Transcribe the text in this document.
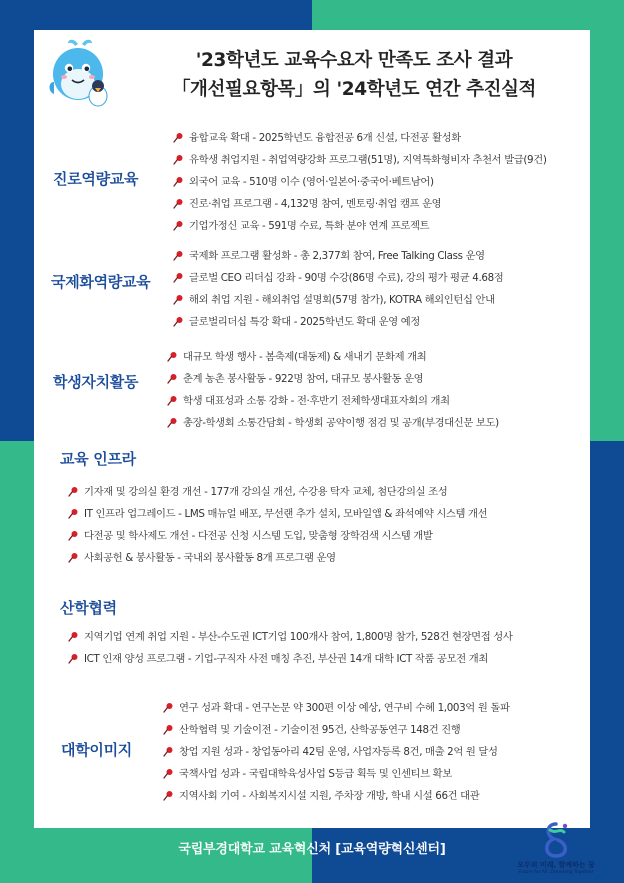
'23학년도 교육수요자 만족도 조사 결과
「개선필요항목」의 '24학년도 연간 추진실적
진로역량교육
융합교육 확대 - 2025학년도 융합전공 6개 신설, 다전공 활성화
유학생 취업지원 - 취업역량강화 프로그램(51명), 지역특화형비자 추천서 발급(9건)
외국어 교육 - 510명 이수 (영어·일본어·중국어·베트남어)
진로·취업 프로그램 - 4,132명 참여, 멘토링·취업 캠프 운영
기업가정신 교육 - 591명 수료, 특화 분야 연계 프로젝트
국제화역량교육
국제화 프로그램 활성화 - 총 2,377회 참여, Free Talking Class 운영
글로벌 CEO 리더십 강좌 - 90명 수강(86명 수료), 강의 평가 평균 4.68점
해외 취업 지원 - 해외취업 설명회(57명 참가), KOTRA 해외인턴십 안내
글로벌리더십 특강 확대 - 2025학년도 확대 운영 예정
학생자치활동
대규모 학생 행사 - 봄축제(대동제) & 새내기 문화제 개최
춘계 농촌 봉사활동 - 922명 참여, 대규모 봉사활동 운영
학생 대표성과 소통 강화 - 전·후반기 전체학생대표자회의 개최
총장-학생회 소통간담회 - 학생회 공약이행 점검 및 공개(부경대신문 보도)
교육 인프라
기자재 및 강의실 환경 개선 - 177개 강의실 개선, 수강용 탁자 교체, 첨단강의실 조성
IT 인프라 업그레이드 - LMS 매뉴얼 배포, 무선랜 추가 설치, 모바일앱 & 좌석예약 시스템 개선
다전공 및 학사제도 개선 - 다전공 신청 시스템 도입, 맞춤형 장학검색 시스템 개발
사회공헌 & 봉사활동 - 국내외 봉사활동 8개 프로그램 운영
산학협력
지역기업 연계 취업 지원 - 부산-수도권 ICT기업 100개사 참여, 1,800명 참가, 528건 현장면접 성사
ICT 인재 양성 프로그램 - 기업-구직자 사전 매칭 추진, 부산권 14개 대학 ICT 작품 공모전 개최
대학이미지
연구 성과 확대 - 연구논문 약 300편 이상 예상, 연구비 수혜 1,003억 원 돌파
산학협력 및 기술이전 - 기술이전 95건, 산학공동연구 148건 진행
창업 지원 성과 - 창업동아리 42팀 운영, 사업자등록 8건, 매출 2억 원 달성
국책사업 성과 - 국립대학육성사업 S등급 획득 및 인센티브 확보
지역사회 기여 - 사회복지시설 지원, 주차장 개방, 학내 시설 66건 대관
국립부경대학교 교육혁신처 [교육역량혁신센터]
모두의 미래, 함께하는 꿈
Future for All, Dreaming Together
